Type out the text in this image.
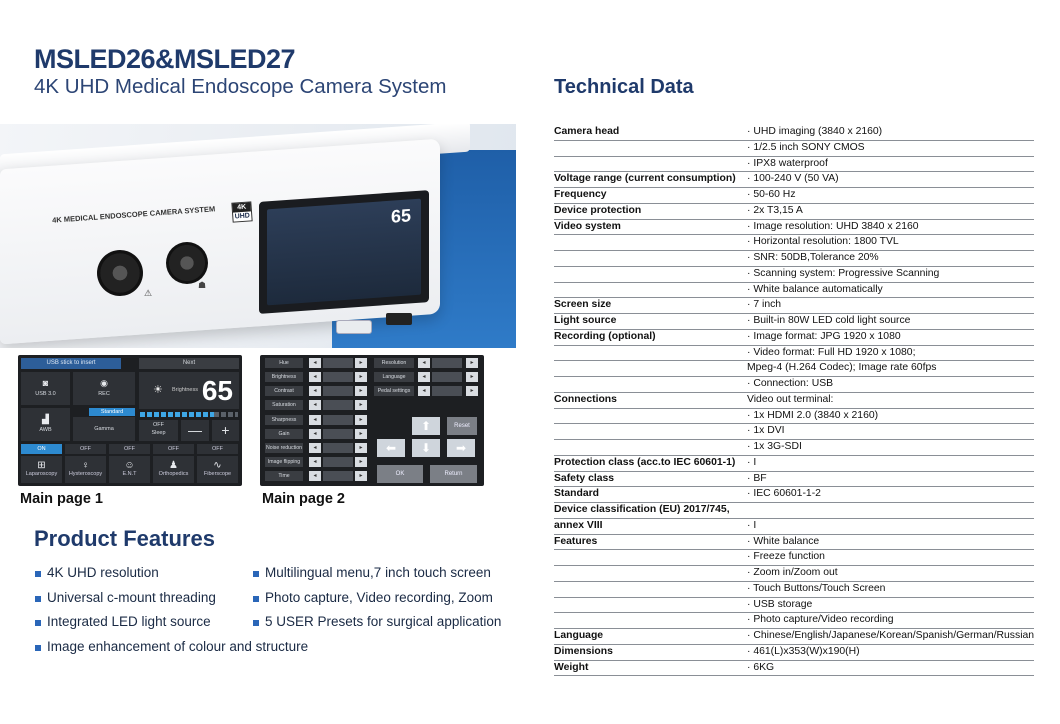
MSLED26&MSLED27
4K UHD Medical Endoscope Camera System
4K MEDICAL ENDOSCOPE CAMERA SYSTEM	4K
UHD
⚠
☗
65
USB stick to insert	Next
◙
USB 3.0
◉
REC
▟
AWB	Gamma
Standard
☀ Brightness 65
OFF
Sleep	—	+
ON	OFF	OFF	OFF	OFF
⊞
Laparoscopy
♀
Hysteroscopy
☺
E.N.T
♟
Orthopedics
∿
Fiberscope
Main page 1
Hue	◂	▸
Brightness	◂	▸
Contrast	◂	▸
Saturation	◂	▸
Sharpness	◂	▸
Gain	◂	▸
Noise reduction	◂	▸
Image flipping	◂	▸
Time	◂	▸
Resolution	◂	▸
Language	◂	▸
Pedal settings	◂	▸
⬆	Reset
⬅	⬇	➡
OK	Return
Main page 2
Product Features
4K UHD resolution	Multilingual menu,7 inch touch screen
Universal c-mount threading	Photo capture, Video recording, Zoom
Integrated LED light source	5 USER Presets for surgical application
Image enhancement of colour and structure
Technical Data
Camera head	· UHD imaging (3840 x 2160)
· 1/2.5 inch SONY CMOS
· IPX8 waterproof
Voltage range (current consumption) · 100-240 V (50 VA)
Frequency	· 50-60 Hz
Device protection	· 2x T3,15 A
Video system	· Image resolution: UHD 3840 x 2160
· Horizontal resolution: 1800 TVL
· SNR: 50DB,Tolerance 20%
· Scanning system: Progressive Scanning
· White balance automatically
Screen size	· 7 inch
Light source	· Built-in 80W LED cold light source
Recording (optional)	· Image format: JPG 1920 x 1080
· Video format: Full HD 1920 x 1080;
Mpeg-4 (H.264 Codec); Image rate 60fps
· Connection: USB
Connections	Video out terminal:
· 1x HDMI 2.0 (3840 x 2160)
· 1x DVI
· 1x 3G-SDI
Protection class (acc.to IEC 60601-1) · I
Safety class	· BF
Standard	· IEC 60601-1-2
Device classification (EU) 2017/745,
annex VIII	· I
Features	· White balance
· Freeze function
· Zoom in/Zoom out
· Touch Buttons/Touch Screen
· USB storage
· Photo capture/Video recording
Language	· Chinese/English/Japanese/Korean/Spanish/German/Russian
Dimensions	· 461(L)x353(W)x190(H)
Weight	· 6KG
